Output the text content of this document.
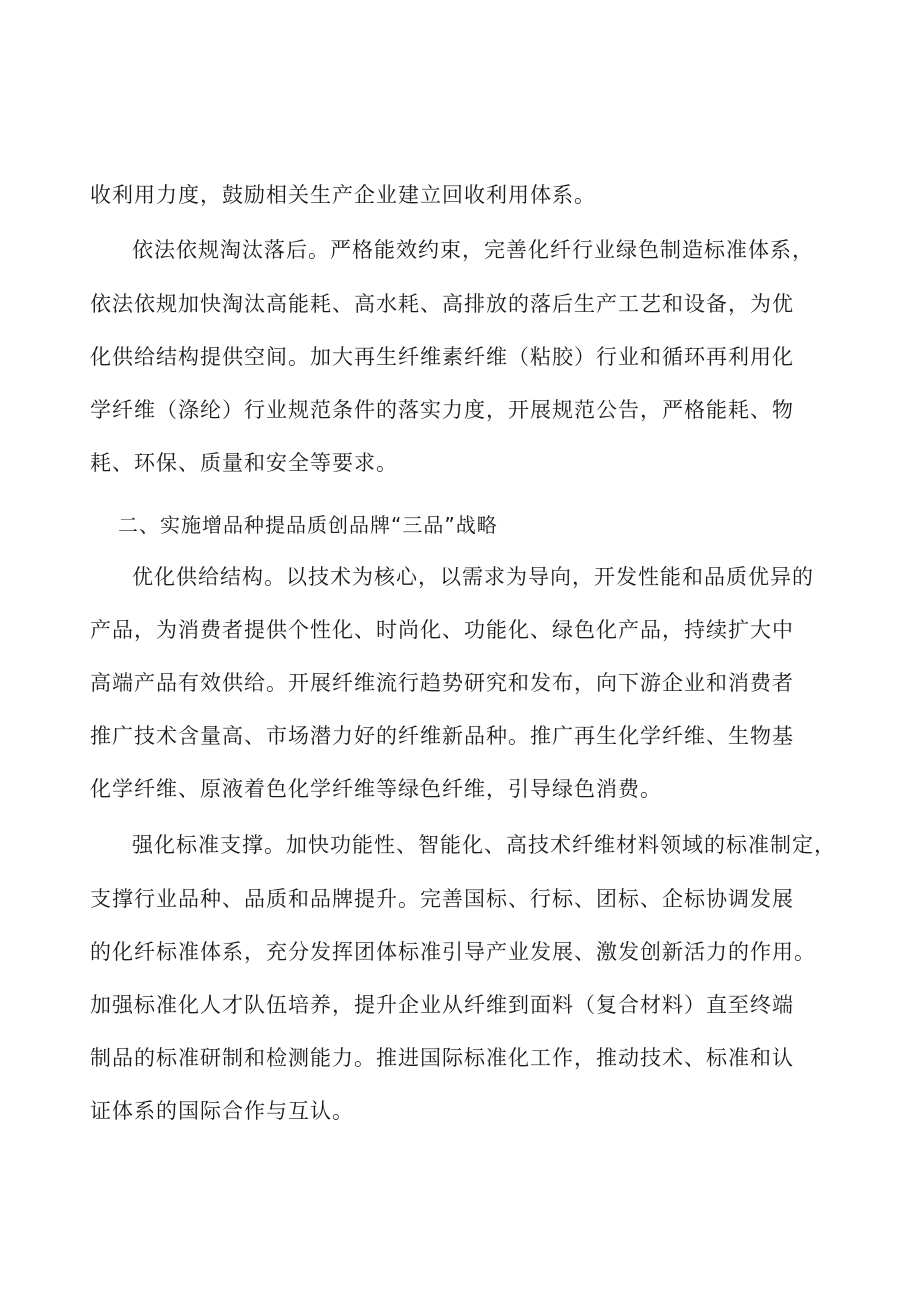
收利用力度，鼓励相关生产企业建立回收利用体系。
依法依规淘汰落后。严格能效约束，完善化纤行业绿色制造标准体系，
依法依规加快淘汰高能耗、高水耗、高排放的落后生产工艺和设备，为优
化供给结构提供空间。加大再生纤维素纤维（粘胶）行业和循环再利用化
学纤维（涤纶）行业规范条件的落实力度，开展规范公告，严格能耗、物
耗、环保、质量和安全等要求。
二、实施增品种提品质创品牌“三品”战略
优化供给结构。以技术为核心，以需求为导向，开发性能和品质优异的
产品，为消费者提供个性化、时尚化、功能化、绿色化产品，持续扩大中
高端产品有效供给。开展纤维流行趋势研究和发布，向下游企业和消费者
推广技术含量高、市场潜力好的纤维新品种。推广再生化学纤维、生物基
化学纤维、原液着色化学纤维等绿色纤维，引导绿色消费。
强化标准支撑。加快功能性、智能化、高技术纤维材料领域的标准制定，
支撑行业品种、品质和品牌提升。完善国标、行标、团标、企标协调发展
的化纤标准体系，充分发挥团体标准引导产业发展、激发创新活力的作用。
加强标准化人才队伍培养，提升企业从纤维到面料（复合材料）直至终端
制品的标准研制和检测能力。推进国际标准化工作，推动技术、标准和认
证体系的国际合作与互认。
